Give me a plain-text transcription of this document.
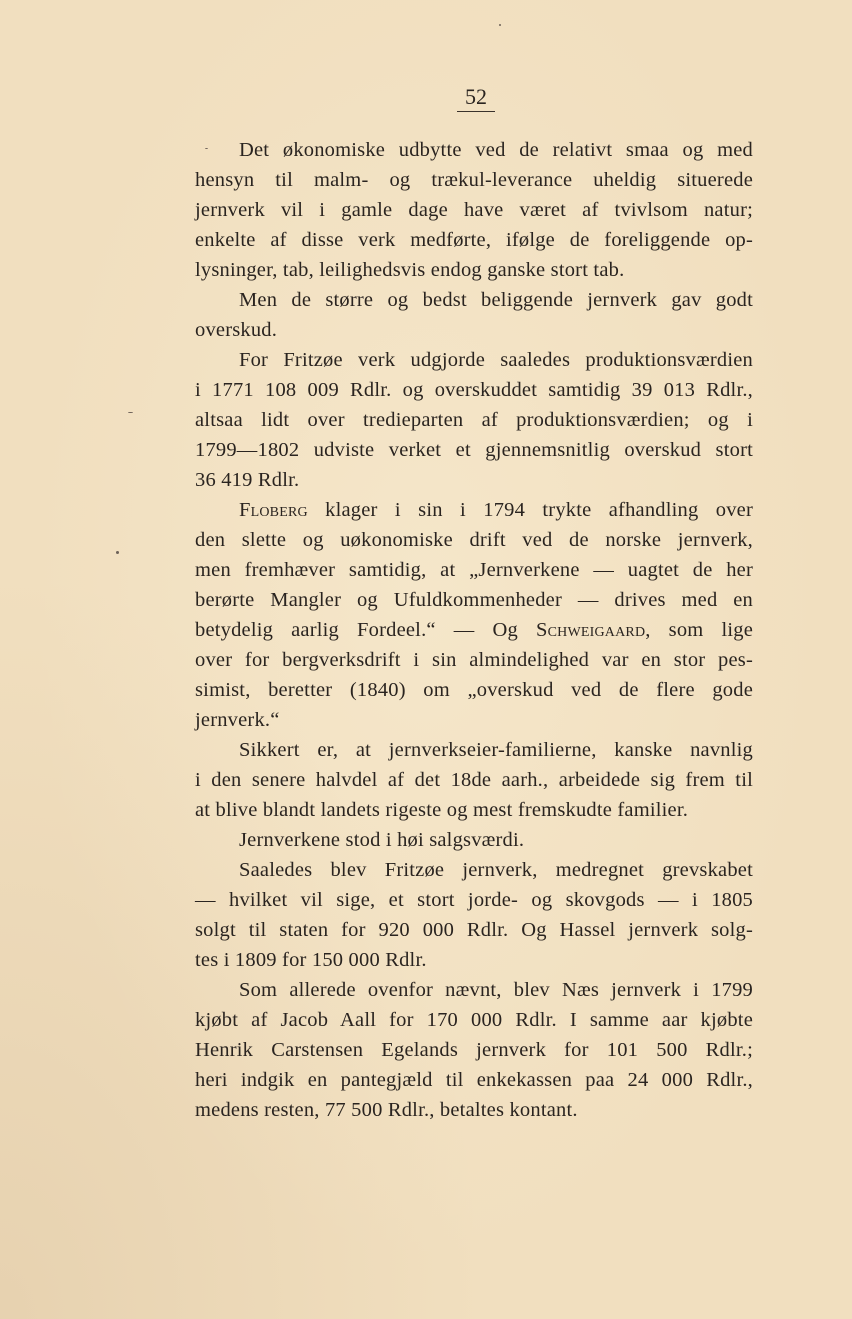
52
Det økonomiske udbytte ved de relativt smaa og med
hensyn til malm- og trækul-leverance uheldig situerede
jernverk vil i gamle dage have været af tvivlsom natur;
enkelte af disse verk medførte, ifølge de foreliggende op-
lysninger, tab, leilighedsvis endog ganske stort tab.
Men de større og bedst beliggende jernverk gav godt
overskud.
For Fritzøe verk udgjorde saaledes produktionsværdien
i 1771 108 009 Rdlr. og overskuddet samtidig 39 013 Rdlr.,
altsaa lidt over tredieparten af produktionsværdien; og i
1799—1802 udviste verket et gjennemsnitlig overskud stort
36 419 Rdlr.
Floberg klager i sin i 1794 trykte afhandling over
den slette og uøkonomiske drift ved de norske jernverk,
men fremhæver samtidig, at „Jernverkene — uagtet de her
berørte Mangler og Ufuldkommenheder — drives med en
betydelig aarlig Fordeel.“ — Og Schweigaard, som lige
over for bergverksdrift i sin almindelighed var en stor pes-
simist, beretter (1840) om „overskud ved de flere gode
jernverk.“
Sikkert er, at jernverkseier-familierne, kanske navnlig
i den senere halvdel af det 18de aarh., arbeidede sig frem til
at blive blandt landets rigeste og mest fremskudte familier.
Jernverkene stod i høi salgsværdi.
Saaledes blev Fritzøe jernverk, medregnet grevskabet
— hvilket vil sige, et stort jorde- og skovgods — i 1805
solgt til staten for 920 000 Rdlr. Og Hassel jernverk solg-
tes i 1809 for 150 000 Rdlr.
Som allerede ovenfor nævnt, blev Næs jernverk i 1799
kjøbt af Jacob Aall for 170 000 Rdlr. I samme aar kjøbte
Henrik Carstensen Egelands jernverk for 101 500 Rdlr.;
heri indgik en pantegjæld til enkekassen paa 24 000 Rdlr.,
medens resten, 77 500 Rdlr., betaltes kontant.
